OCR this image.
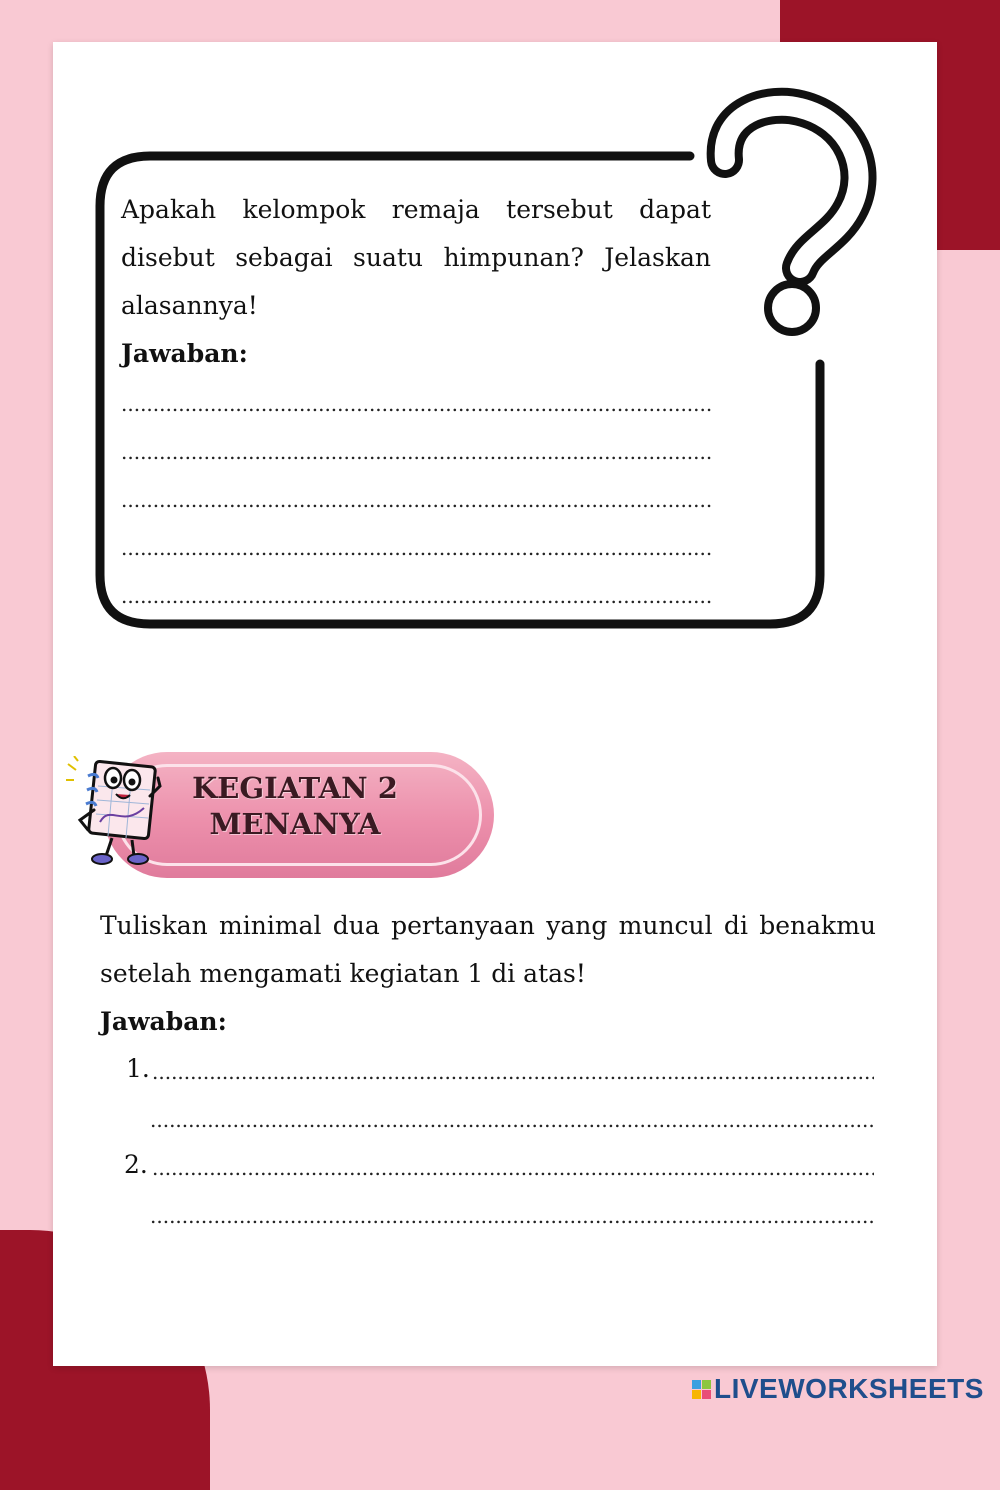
Apakah kelompok remaja tersebut dapat disebut sebagai suatu himpunan? Jelaskan alasannya!
Jawaban:
.....
.....
.....
.....
.....
KEGIATAN 2
MENANYA
Tuliskan minimal dua pertanyaan yang muncul di benakmu setelah mengamati kegiatan 1 di atas!
Jawaban:
1.
.....
.....
2.
.....
.....
LIVEWORKSHEETS
